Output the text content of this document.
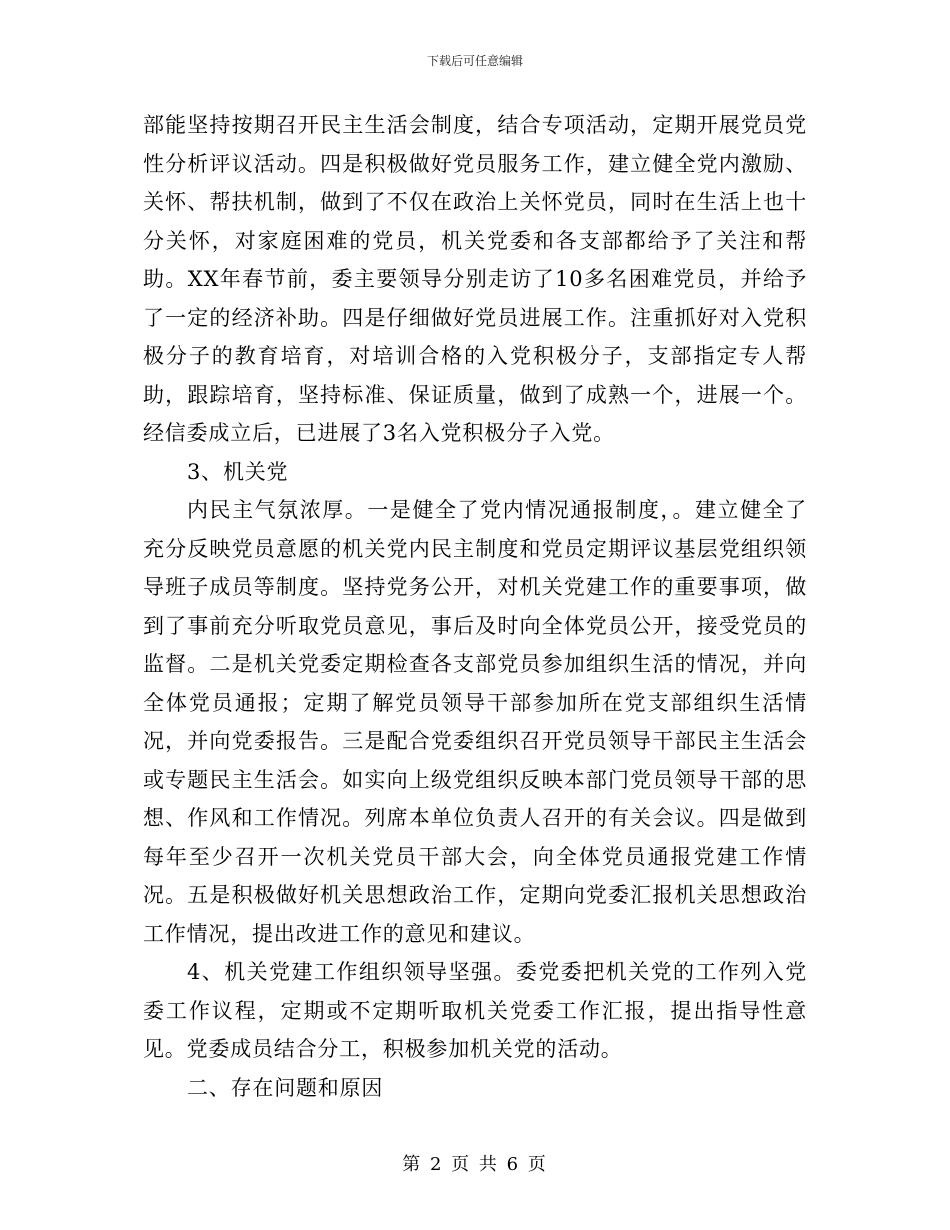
下载后可任意编辑

部能坚持按期召开民主生活会制度，结合专项活动，定期开展党员党性分析评议活动。四是积极做好党员服务工作，建立健全党内激励、关怀、帮扶机制，做到了不仅在政治上关怀党员，同时在生活上也十分关怀，对家庭困难的党员，机关党委和各支部都给予了关注和帮助。XX年春节前，委主要领导分别走访了10多名困难党员，并给予了一定的经济补助。四是仔细做好党员进展工作。注重抓好对入党积极分子的教育培育，对培训合格的入党积极分子，支部指定专人帮助，跟踪培育，坚持标准、保证质量，做到了成熟一个，进展一个。经信委成立后，已进展了3名入党积极分子入党。

3、机关党

内民主气氛浓厚。一是健全了党内情况通报制度，。建立健全了充分反映党员意愿的机关党内民主制度和党员定期评议基层党组织领导班子成员等制度。坚持党务公开，对机关党建工作的重要事项，做到了事前充分听取党员意见，事后及时向全体党员公开，接受党员的监督。二是机关党委定期检查各支部党员参加组织生活的情况，并向全体党员通报；定期了解党员领导干部参加所在党支部组织生活情况，并向党委报告。三是配合党委组织召开党员领导干部民主生活会或专题民主生活会。如实向上级党组织反映本部门党员领导干部的思想、作风和工作情况。列席本单位负责人召开的有关会议。四是做到每年至少召开一次机关党员干部大会，向全体党员通报党建工作情况。五是积极做好机关思想政治工作，定期向党委汇报机关思想政治工作情况，提出改进工作的意见和建议。

4、机关党建工作组织领导坚强。委党委把机关党的工作列入党委工作议程，定期或不定期听取机关党委工作汇报，提出指导性意见。党委成员结合分工，积极参加机关党的活动。

二、存在问题和原因

第 2 页 共 6 页
